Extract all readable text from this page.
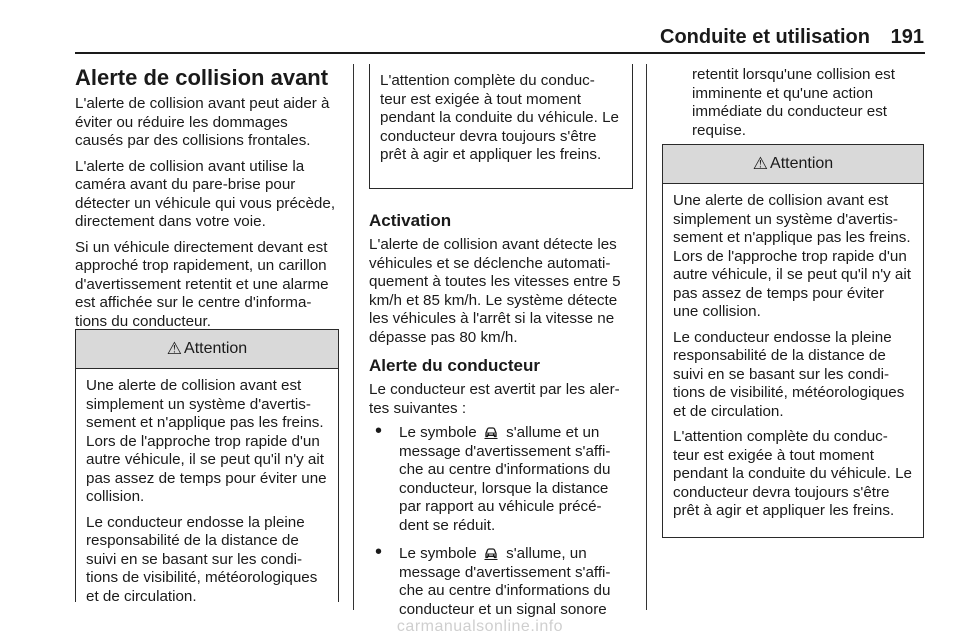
Conduite et utilisation 191
Alerte de collision avant

L'alerte de collision avant peut aider à éviter ou réduire les dommages causés par des collisions frontales.

L'alerte de collision avant utilise la caméra avant du pare-brise pour détecter un véhicule qui vous précède, directement dans votre voie.

Si un véhicule directement devant est approché trop rapidement, un carillon d'avertissement retentit et une alarme est affichée sur le centre d'informa- tions du conducteur.

⚠ Attention

Une alerte de collision avant est simplement un système d'avertis- sement et n'applique pas les freins. Lors de l'approche trop rapide d'un autre véhicule, il se peut qu'il n'y ait pas assez de temps pour éviter une collision.

Le conducteur endosse la pleine responsabilité de la distance de suivi en se basant sur les condi- tions de visibilité, météorologiques et de circulation.

L'attention complète du conduc- teur est exigée à tout moment pendant la conduite du véhicule. Le conducteur devra toujours s'être prêt à agir et appliquer les freins.

Activation

L'alerte de collision avant détecte les véhicules et se déclenche automati- quement à toutes les vitesses entre 5 km/h et 85 km/h. Le système détecte les véhicules à l'arrêt si la vitesse ne dépasse pas 80 km/h.

Alerte du conducteur

Le conducteur est avertit par les aler- tes suivantes :

• Le symbole s'allume et un message d'avertissement s'affi- che au centre d'informations du conducteur, lorsque la distance par rapport au véhicule précé- dent se réduit.
• Le symbole s'allume, un message d'avertissement s'affi- che au centre d'informations du conducteur et un signal sonore

retentit lorsqu'une collision est imminente et qu'une action immédiate du conducteur est requise.

⚠ Attention

Une alerte de collision avant est simplement un système d'avertis- sement et n'applique pas les freins. Lors de l'approche trop rapide d'un autre véhicule, il se peut qu'il n'y ait pas assez de temps pour éviter une collision.

Le conducteur endosse la pleine responsabilité de la distance de suivi en se basant sur les condi- tions de visibilité, météorologiques et de circulation.

L'attention complète du conduc- teur est exigée à tout moment pendant la conduite du véhicule. Le conducteur devra toujours s'être prêt à agir et appliquer les freins.

carmanualsonline.info
